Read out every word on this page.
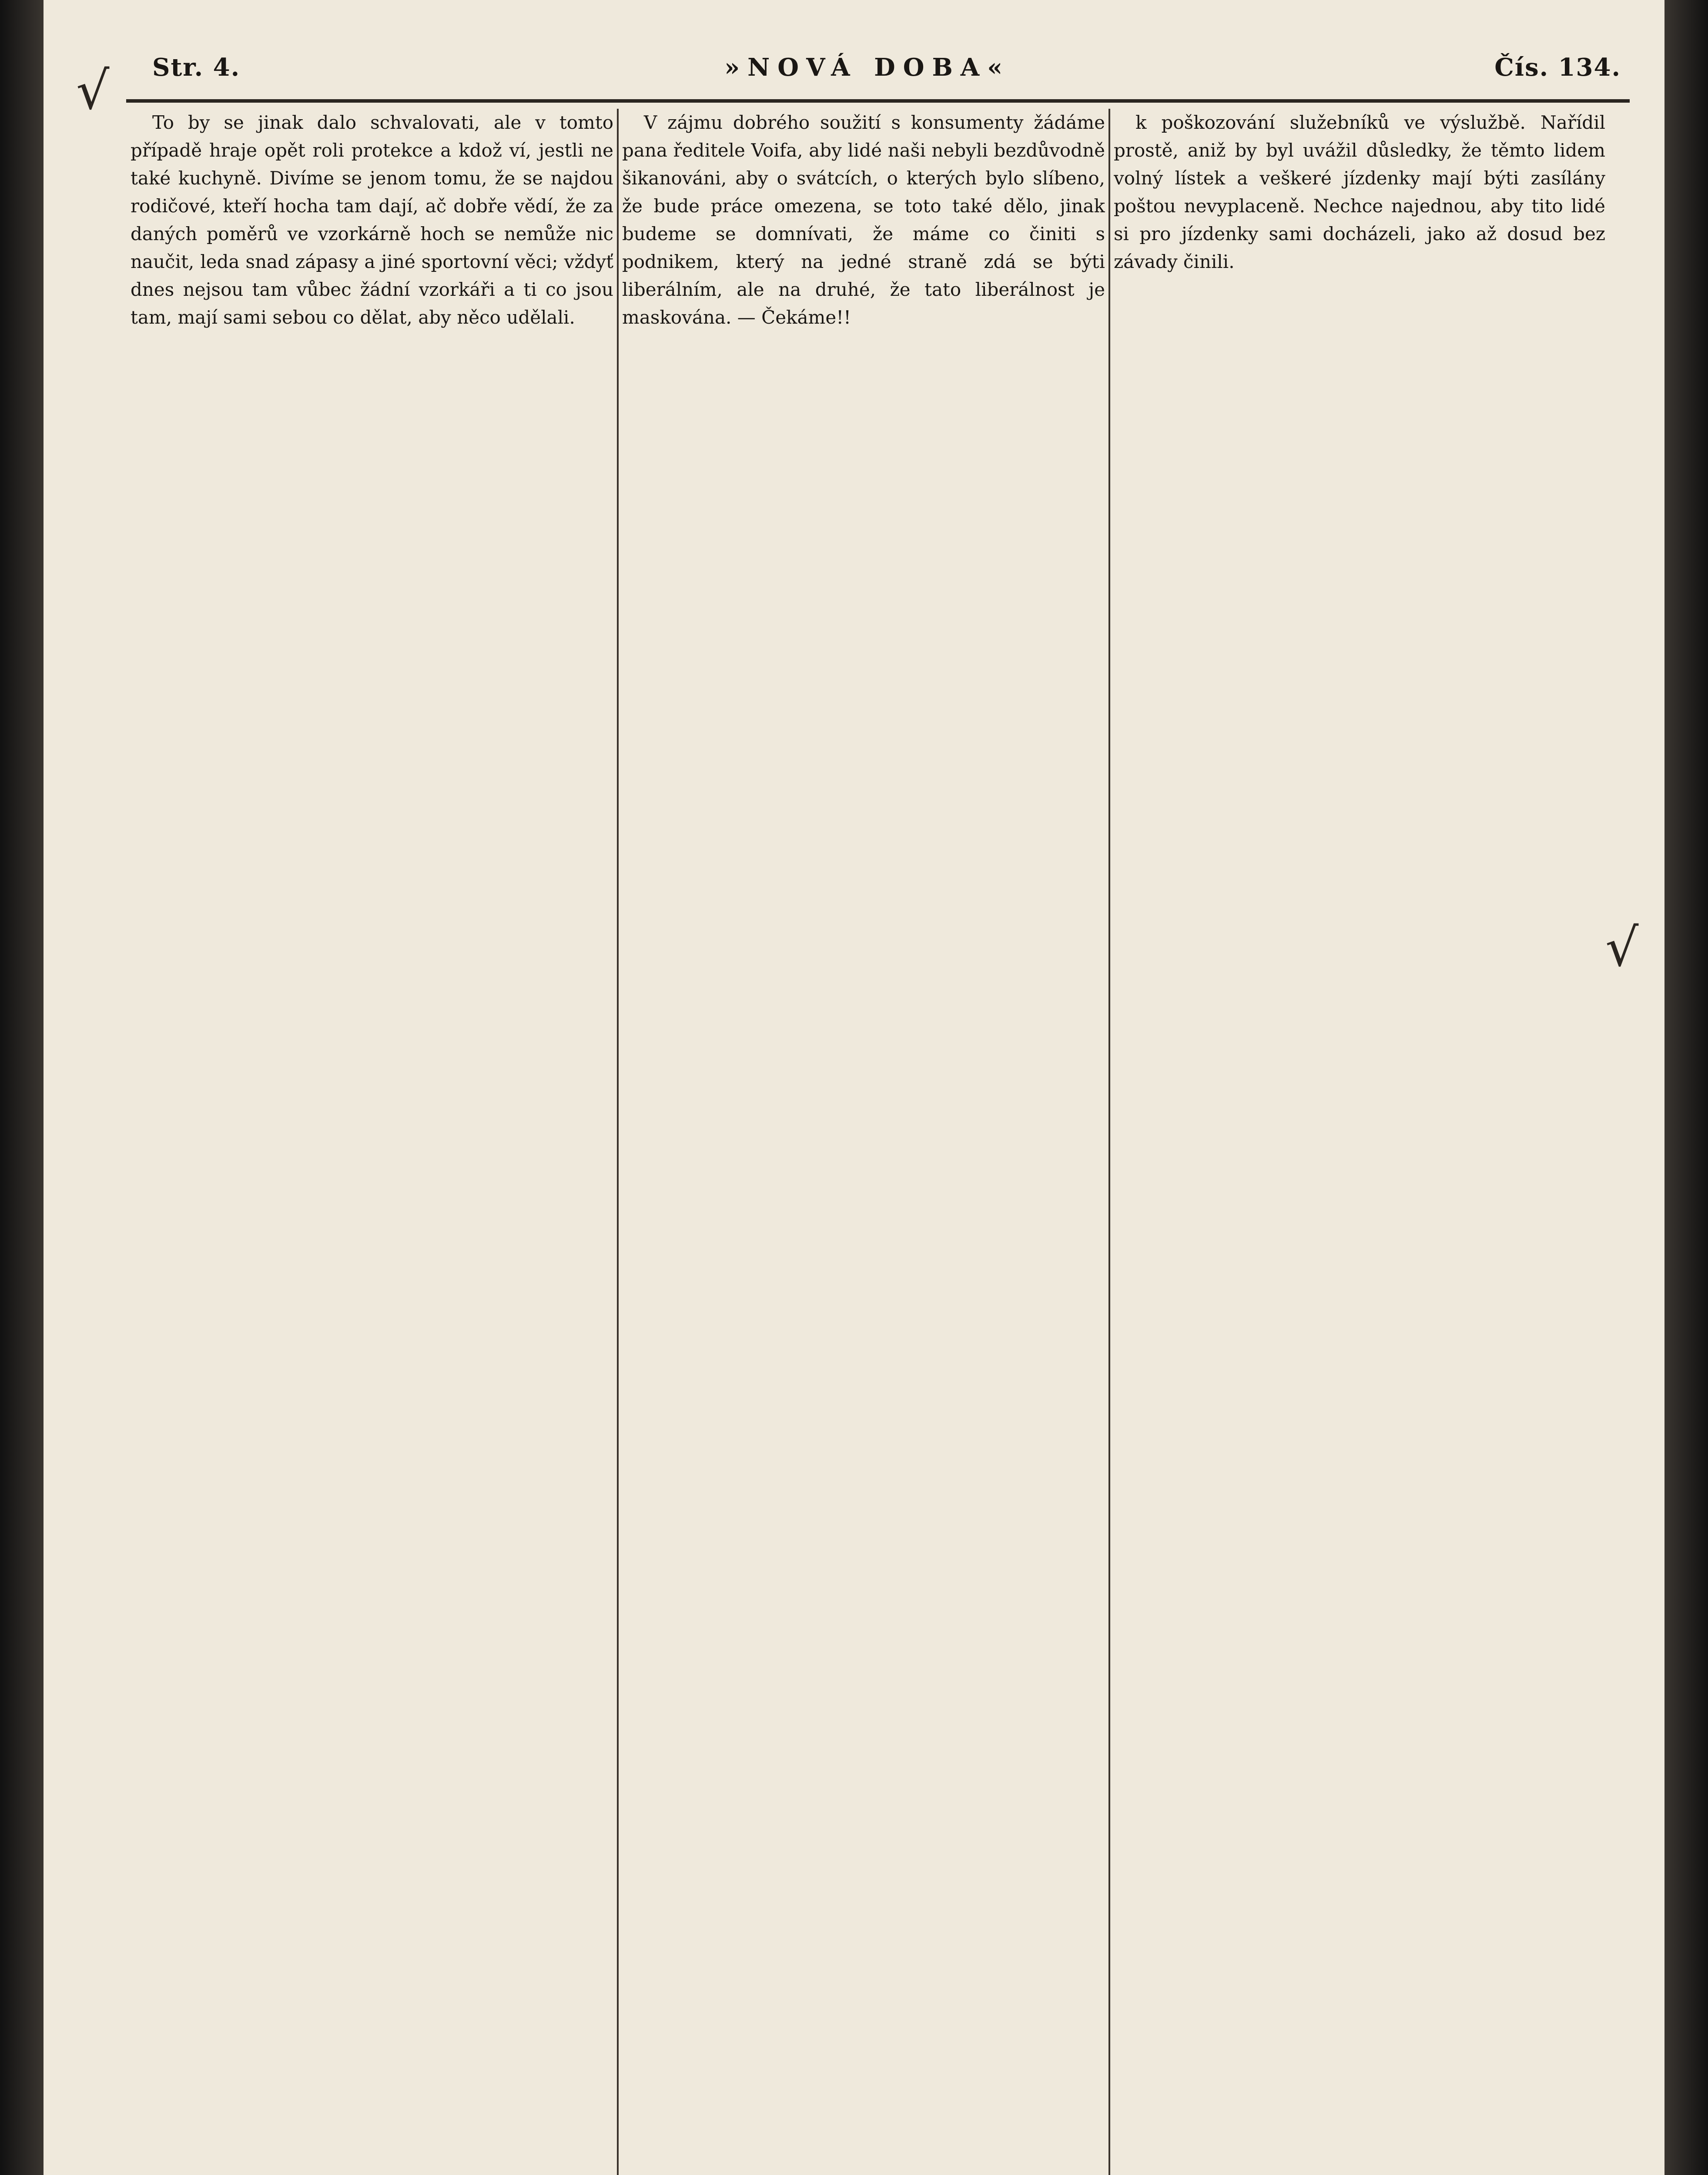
Str. 4.	»NOVÁ DOBA«	Čís. 134.
√
√

To by se jinak dalo schvalovati, ale v tomto případě hraje opět roli protekce a kdož ví, jestli ne také kuchyně. Divíme se jenom tomu, že se najdou rodičové, kteří hocha tam dají, ač dobře vědí, že za daných poměrů ve vzorkárně hoch se nemůže nic naučit, leda snad zápasy a jiné sportovní věci; vždyť dnes nejsou tam vůbec žádní vzorkáři a ti co jsou tam, mají sami sebou co dělat, aby něco udělali.

V zájmu dobrého soužití s konsumenty žádáme pana ředitele Voifa, aby lidé naši nebyli bezdůvodně šikanováni, aby o svátcích, o kterých bylo slíbeno, že bude práce omezena, se toto také dělo, jinak budeme se domnívati, že máme co činiti s podnikem, který na jedné straně zdá se býti liberálním, ale na druhé, že tato liberálnost je maskována. — Čekáme!!

k poškozování služebníků ve výslužbě. Nařídil prostě, aniž by byl uvážil důsledky, že těmto lidem volný lístek a veškeré jízdenky mají býti zasílány poštou nevyplaceně. Nechce najednou, aby tito lidé si pro jízdenky sami docházeli, jako až dosud bez závady činili.
